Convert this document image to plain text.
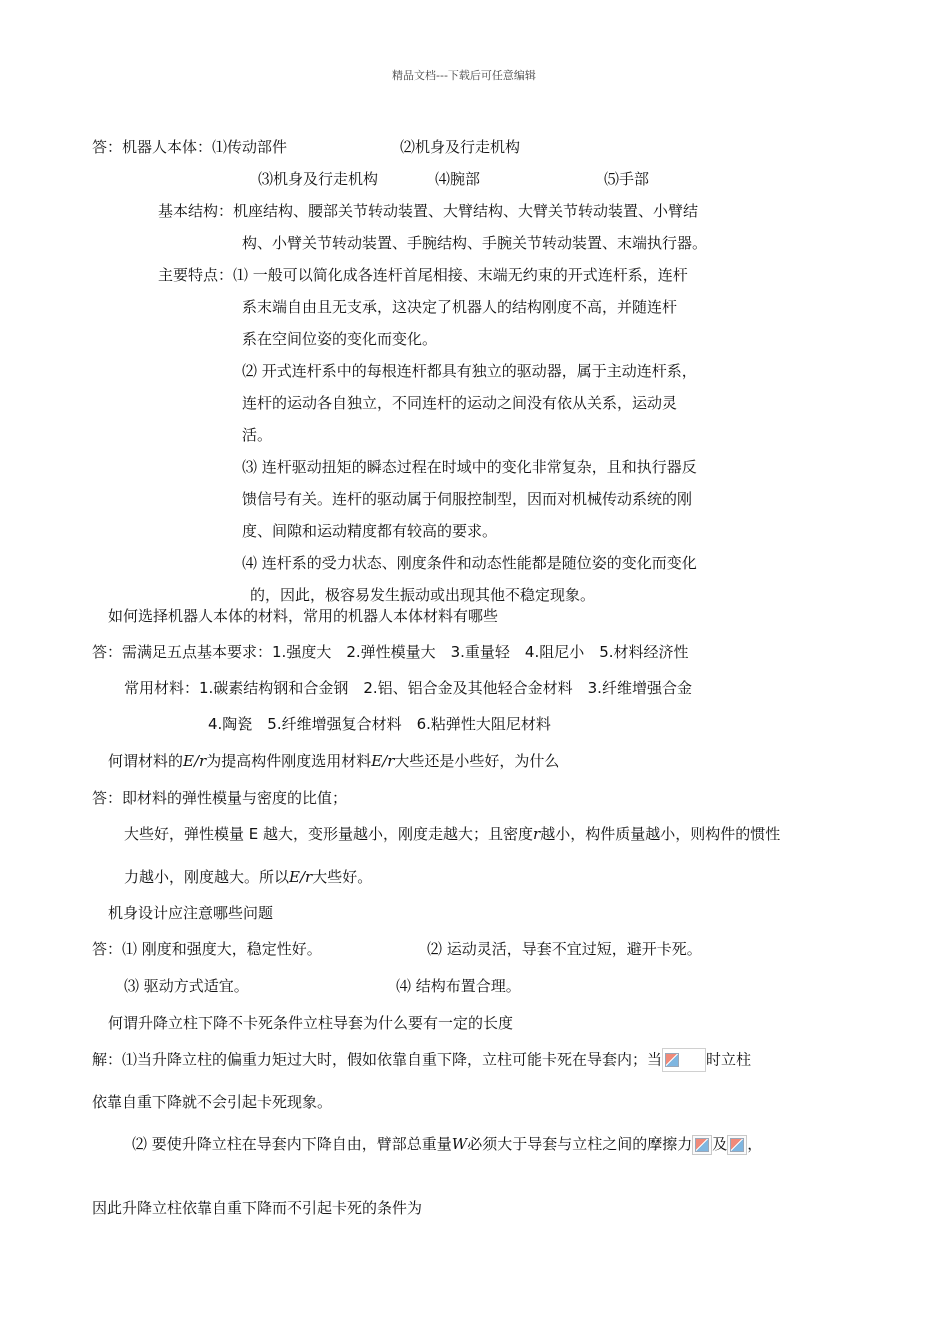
精品文档---下载后可任意编辑
答：机器人本体：⑴传动部件	⑵机身及行走机构
⑶机身及行走机构	⑷腕部	⑸手部
基本结构：机座结构、腰部关节转动装置、大臂结构、大臂关节转动装置、小臂结
构、小臂关节转动装置、手腕结构、手腕关节转动装置、末端执行器。
主要特点：⑴ 一般可以简化成各连杆首尾相接、末端无约束的开式连杆系，连杆
系末端自由且无支承，这决定了机器人的结构刚度不高，并随连杆
系在空间位姿的变化而变化。
⑵ 开式连杆系中的每根连杆都具有独立的驱动器，属于主动连杆系，
连杆的运动各自独立，不同连杆的运动之间没有依从关系，运动灵
活。
⑶ 连杆驱动扭矩的瞬态过程在时域中的变化非常复杂，且和执行器反
馈信号有关。连杆的驱动属于伺服控制型，因而对机械传动系统的刚
度、间隙和运动精度都有较高的要求。
⑷ 连杆系的受力状态、刚度条件和动态性能都是随位姿的变化而变化
的，因此，极容易发生振动或出现其他不稳定现象。
如何选择机器人本体的材料，常用的机器人本体材料有哪些
答：需满足五点基本要求：1.强度大　2.弹性模量大　3.重量轻　4.阻尼小　5.材料经济性
常用材料：1.碳素结构钢和合金钢　2.铝、铝合金及其他轻合金材料　3.纤维增强合金
4.陶瓷　5.纤维增强复合材料　6.粘弹性大阻尼材料
何谓材料的E/r为提高构件刚度选用材料E/r大些还是小些好，为什么
答：即材料的弹性模量与密度的比值；
大些好，弹性模量 E 越大，变形量越小，刚度走越大；且密度r越小，构件质量越小，则构件的惯性
力越小，刚度越大。所以E/r大些好。
机身设计应注意哪些问题
答：⑴ 刚度和强度大，稳定性好。	⑵ 运动灵活，导套不宜过短，避开卡死。
⑶ 驱动方式适宜。	⑷ 结构布置合理。
何谓升降立柱下降不卡死条件立柱导套为什么要有一定的长度
解：⑴当升降立柱的偏重力矩过大时，假如依靠自重下降，立柱可能卡死在导套内；当	时立柱
依靠自重下降就不会引起卡死现象。
⑵ 要使升降立柱在导套内下降自由，臂部总重量W必须大于导套与立柱之间的摩擦力 及 ，
因此升降立柱依靠自重下降而不引起卡死的条件为
